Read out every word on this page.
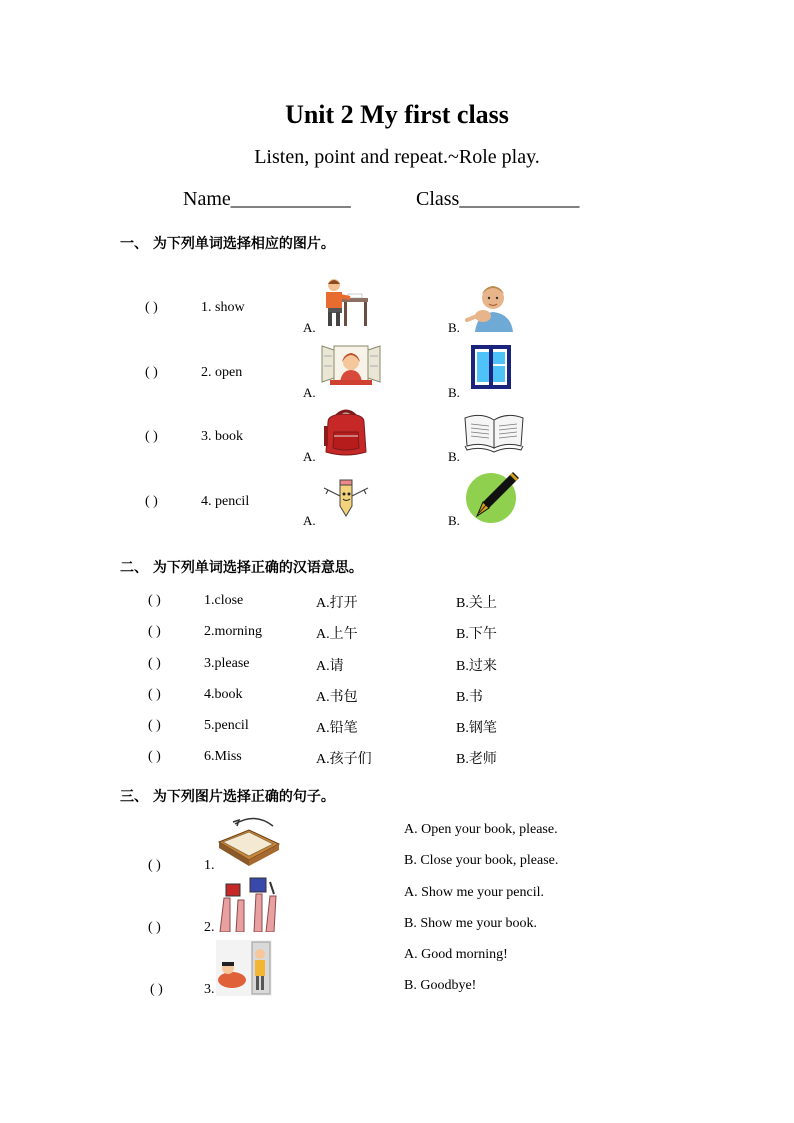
Unit 2 My first class
Listen, point and repeat.~Role play.
Name____________	Class____________
一、 为下列单词选择相应的图片。
( )	1. show
A.	B.
( )	2. open
A.	B.
( )	3. book
A.	B.
( )	4. pencil
A.	B.
二、 为下列单词选择正确的汉语意思。
( )	1.close	A.打开	B.关上
( )	2.morning	A.上午	B.下午
( )	3.please	A.请	B.过来
( )	4.book	A.书包	B.书
( )	5.pencil	A.铅笔	B.钢笔
( )	6.Miss	A.孩子们	B.老师
三、 为下列图片选择正确的句子。
( )	1.
( )	2.
( )	3.
A. Open your book, please.
B. Close your book, please.
A. Show me your pencil.
B. Show me your book.
A. Good morning!
B. Goodbye!
